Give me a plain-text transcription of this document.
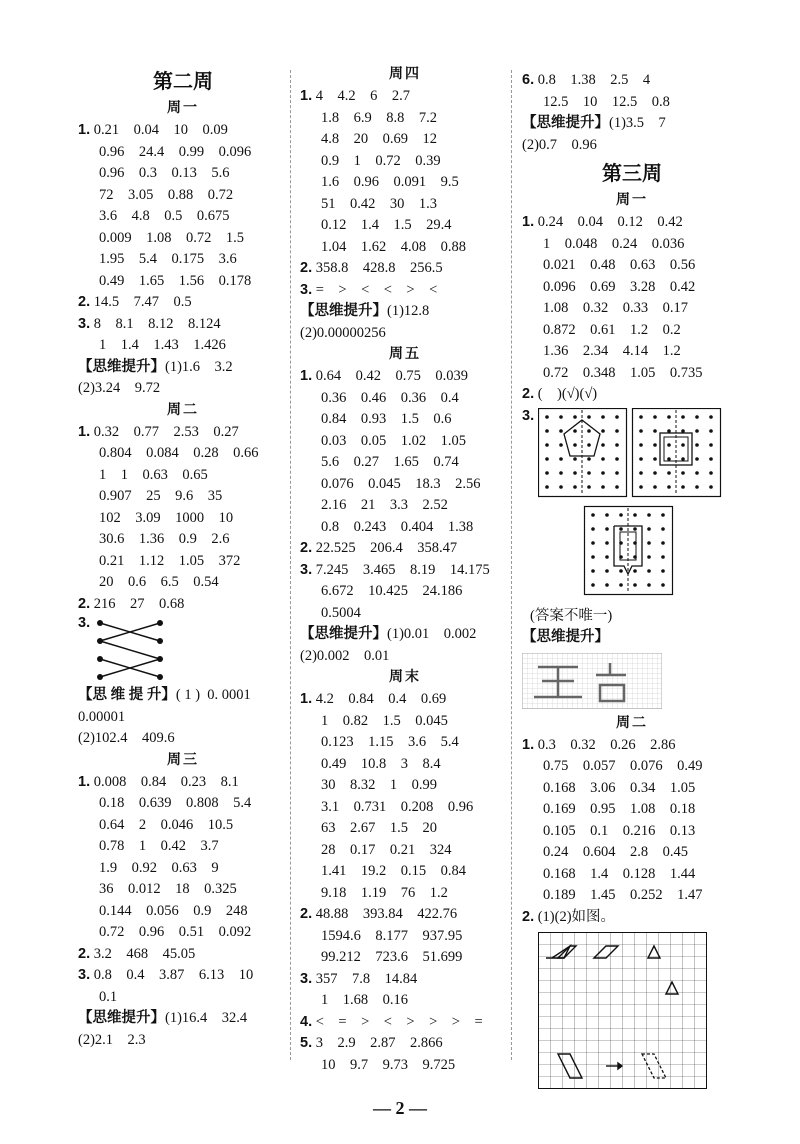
第二周
周一

1. 0.21　0.04　10　0.09

0.96　24.4　0.99　0.096

0.96　0.3　0.13　5.6

72　3.05　0.88　0.72

3.6　4.8　0.5　0.675

0.009　1.08　0.72　1.5

1.95　5.4　0.175　3.6

0.49　1.65　1.56　0.178

2. 14.5　7.47　0.5

3. 8　8.1　8.12　8.124

1　1.4　1.43　1.426

【思维提升】(1)1.6　3.2

(2)3.24　9.72

周二

1. 0.32　0.77　2.53　0.27

0.804　0.084　0.28　0.66

1　1　0.63　0.65

0.907　25　9.6　35

102　3.09　1000　10

30.6　1.36　0.9　2.6

0.21　1.12　1.05　372

20　0.6　6.5　0.54

2. 216　27　0.68

3.

【思 维 提 升】( 1 )  0. 0001

0.00001

(2)102.4　409.6

周三

1. 0.008　0.84　0.23　8.1

0.18　0.639　0.808　5.4

0.64　2　0.046　10.5

0.78　1　0.42　3.7

1.9　0.92　0.63　9

36　0.012　18　0.325

0.144　0.056　0.9　248

0.72　0.96　0.51　0.092

2. 3.2　468　45.05

3. 0.8　0.4　3.87　6.13　10

0.1

【思维提升】(1)16.4　32.4

(2)2.1　2.3

周四

1. 4　4.2　6　2.7

1.8　6.9　8.8　7.2

4.8　20　0.69　12

0.9　1　0.72　0.39

1.6　0.96　0.091　9.5

51　0.42　30　1.3

0.12　1.4　1.5　29.4

1.04　1.62　4.08　0.88

2. 358.8　428.8　256.5

3. =　>　<　<　>　<

【思维提升】(1)12.8

(2)0.00000256

周五

1. 0.64　0.42　0.75　0.039

0.36　0.46　0.36　0.4

0.84　0.93　1.5　0.6

0.03　0.05　1.02　1.05

5.6　0.27　1.65　0.74

0.076　0.045　18.3　2.56

2.16　21　3.3　2.52

0.8　0.243　0.404　1.38

2. 22.525　206.4　358.47

3. 7.245　3.465　8.19　14.175

6.672　10.425　24.186

0.5004

【思维提升】(1)0.01　0.002

(2)0.002　0.01

周末

1. 4.2　0.84　0.4　0.69

1　0.82　1.5　0.045

0.123　1.15　3.6　5.4

0.49　10.8　3　8.4

30　8.32　1　0.99

3.1　0.731　0.208　0.96

63　2.67　1.5　20

28　0.17　0.21　324

1.41　19.2　0.15　0.84

9.18　1.19　76　1.2

2. 48.88　393.84　422.76

1594.6　8.177　937.95

99.212　723.6　51.699

3. 357　7.8　14.84

1　1.68　0.16

4. <　=　>　<　>　>　>　=

5. 3　2.9　2.87　2.866

10　9.7　9.73　9.725

6. 0.8　1.38　2.5　4

12.5　10　12.5　0.8

【思维提升】(1)3.5　7

(2)0.7　0.96

第三周
周一

1. 0.24　0.04　0.12　0.42

1　0.048　0.24　0.036

0.021　0.48　0.63　0.56

0.096　0.69　3.28　0.42

1.08　0.32　0.33　0.17

0.872　0.61　1.2　0.2

1.36　2.34　4.14　1.2

0.72　0.348　1.05　0.735

2. (　)(√)(√)

3.

(答案不唯一)

【思维提升】

周二

1. 0.3　0.32　0.26　2.86

0.75　0.057　0.076　0.49

0.168　3.06　0.34　1.05

0.169　0.95　1.08　0.18

0.105　0.1　0.216　0.13

0.24　0.604　2.8　0.45

0.168　1.4　0.128　1.44

0.189　1.45　0.252　1.47

2. (1)(2)如图。

— 2 —
